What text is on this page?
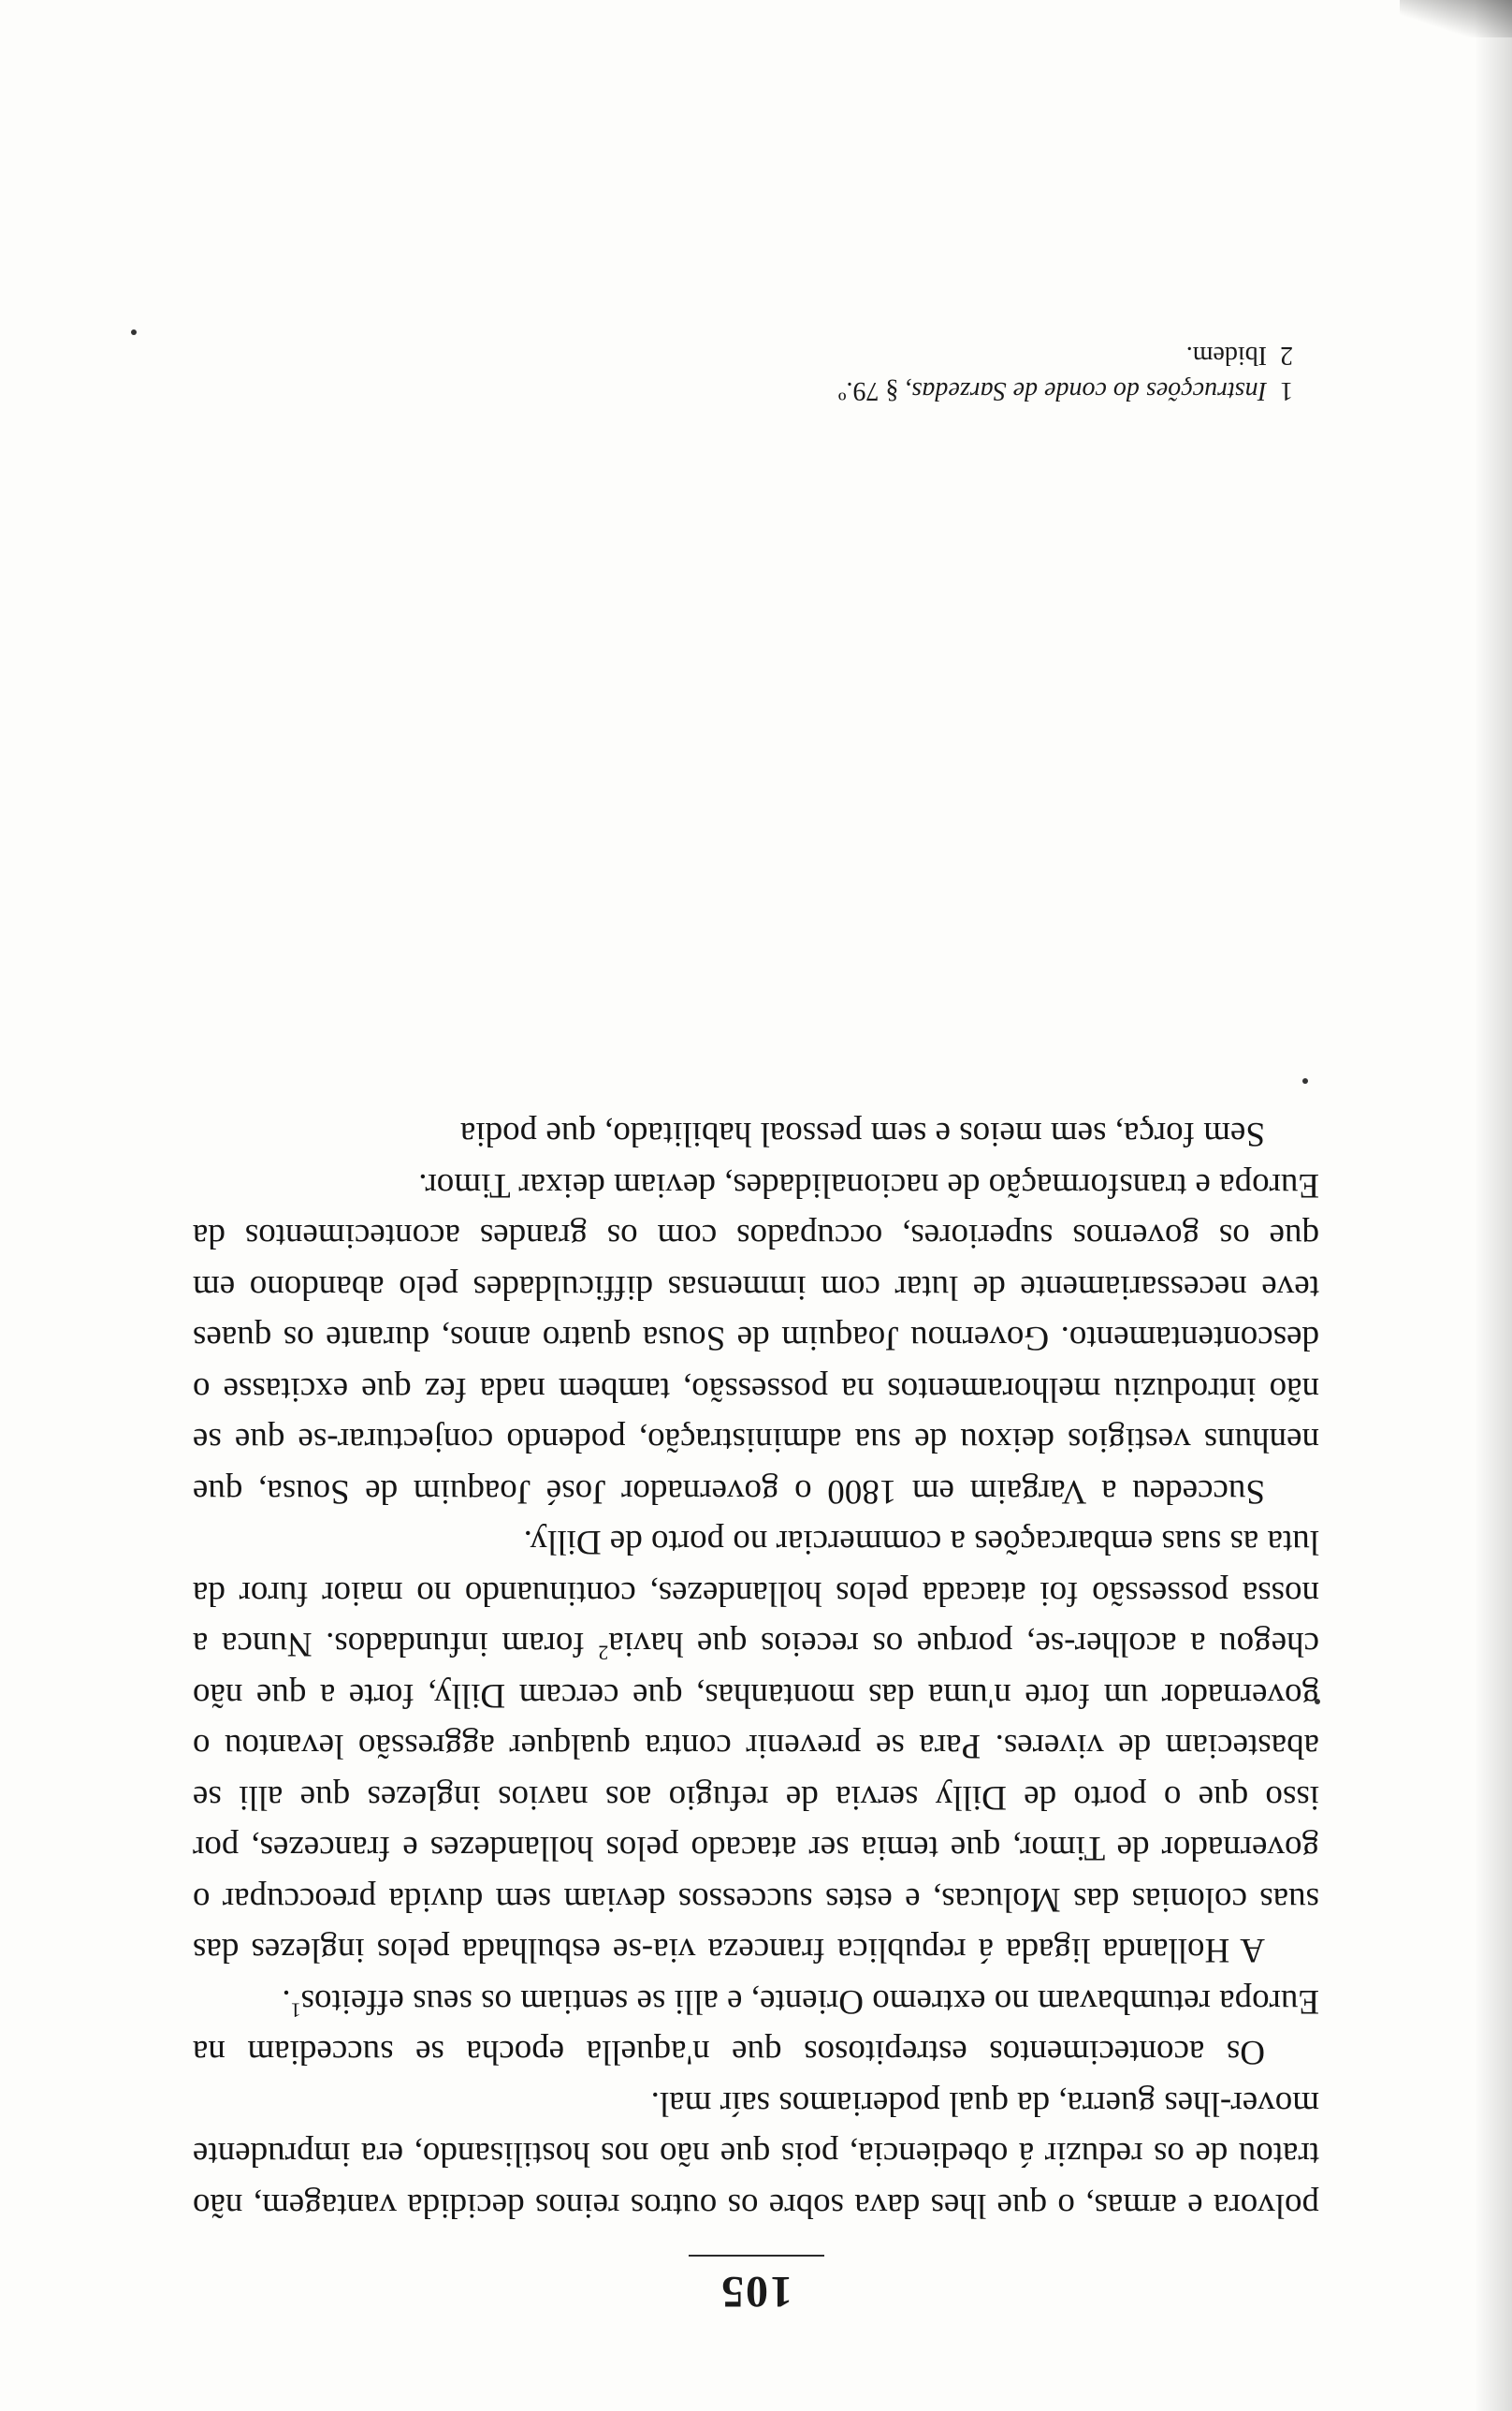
105

polvora e armas, o que lhes dava sobre os outros reinos decidida vantagem, não tratou de os reduzir á obediencia, pois que não nos hostilisando, era imprudente mover-lhes guerra, da qual poderiamos saír mal.

Os acontecimentos estrepitosos que n'aquella epocha se succediam na Europa retumbavam no extremo Oriente, e alli se sentiam os seus effeitos$^1$.

A Hollanda ligada á republica franceza via-se esbulhada pelos inglezes das suas colonias das Molucas, e estes successos deviam sem duvida preoccupar o governador de Timor, que temia ser atacado pelos hollandezes e francezes, por isso que o porto de Dilly servia de refugio aos navios inglezes que alli se abasteciam de viveres. Para se prevenir contra qualquer aggressão levantou o governador um forte n'uma das montanhas, que cercam Dilly, forte a que não chegou a acolher-se, porque os receios que havia$^2$ foram infundados. Nunca a nossa possessão foi atacada pelos hollandezes, continuando no maior furor da luta as suas embarcações a commerciar no porto de Dilly.

Succedeu a Vargaim em 1800 o governador José Joaquim de Sousa, que nenhuns vestigios deixou de sua administração, podendo conjecturar-se que se não introduziu melhoramentos na possessão, tambem nada fez que excitasse o descontentamento. Governou Joaquim de Sousa quatro annos, durante os quaes teve necessariamente de lutar com immensas difficuldades pelo abandono em que os governos superiores, occupados com os grandes acontecimentos da Europa e transformação de nacionalidades, deviam deixar Timor.

Sem força, sem meios e sem pessoal habilitado, que podia

1Instrucções do conde de Sarzedas, § 79.º

2Ibidem.
